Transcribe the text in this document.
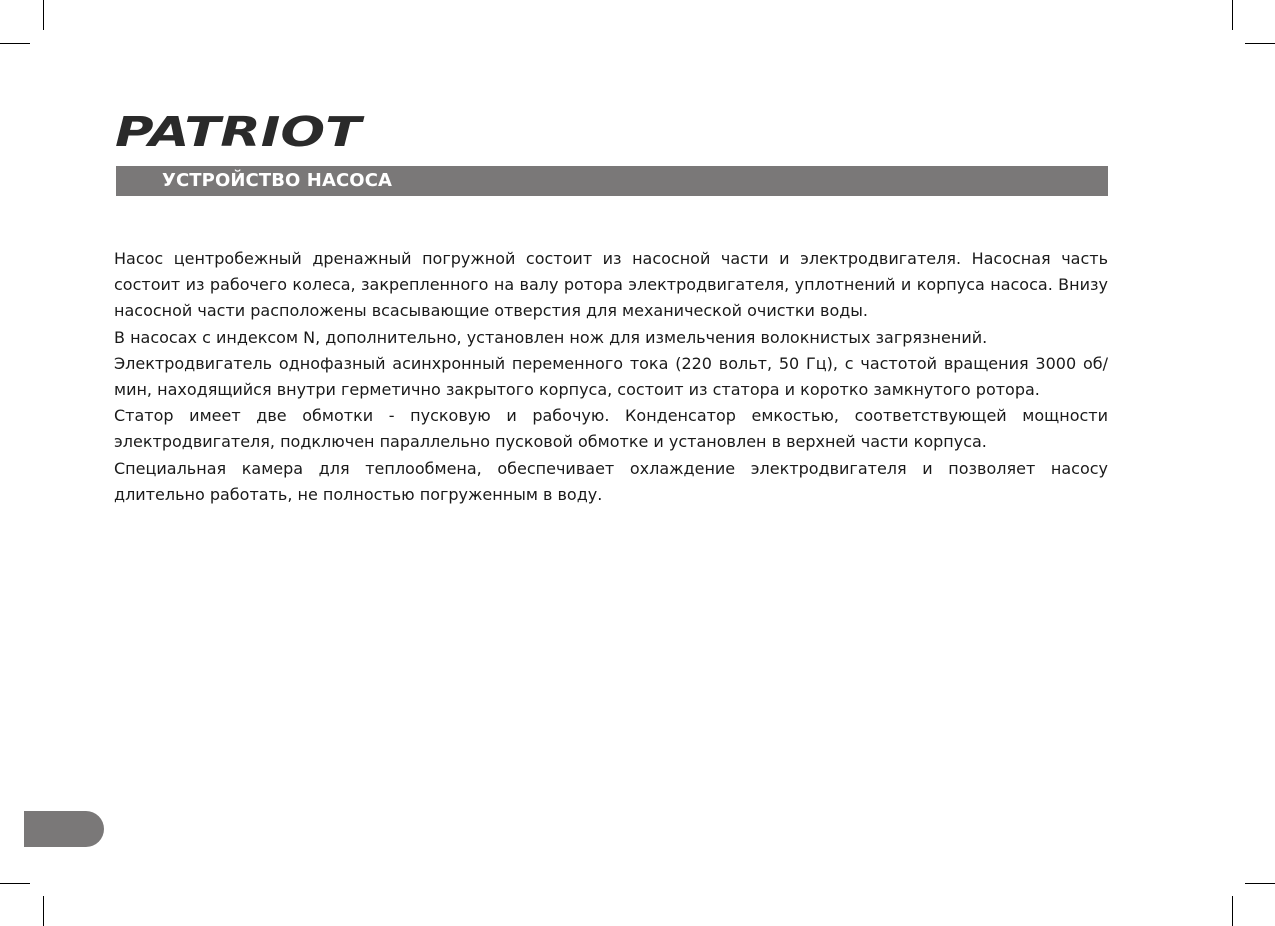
PATRIOT
УСТРОЙСТВО НАСОСА

Насос центробежный дренажный погружной состоит из насосной части и электродвигателя. Насосная часть состоит из рабочего колеса, закрепленного на валу ротора электродвигателя, уплотнений и корпуса насоса. Внизу насосной части расположены всасывающие отверстия для механической очистки воды.

В насосах с индексом N, дополнительно, установлен нож для измельчения волокнистых загрязнений.

Электродвигатель однофазный асинхронный переменного тока (220 вольт, 50 Гц), с частотой вращения 3000 об/мин, находящийся внутри герметично закрытого корпуса, состоит из статора и коротко замкнутого ротора.

Статор имеет две обмотки - пусковую и рабочую. Конденсатор емкостью, соответствующей мощности электродвигателя, подключен параллельно пусковой обмотке и установлен в верхней части корпуса.

Специальная камера для теплообмена, обеспечивает охлаждение электродвигателя и позволяет насосу длительно работать, не полностью погруженным в воду.
